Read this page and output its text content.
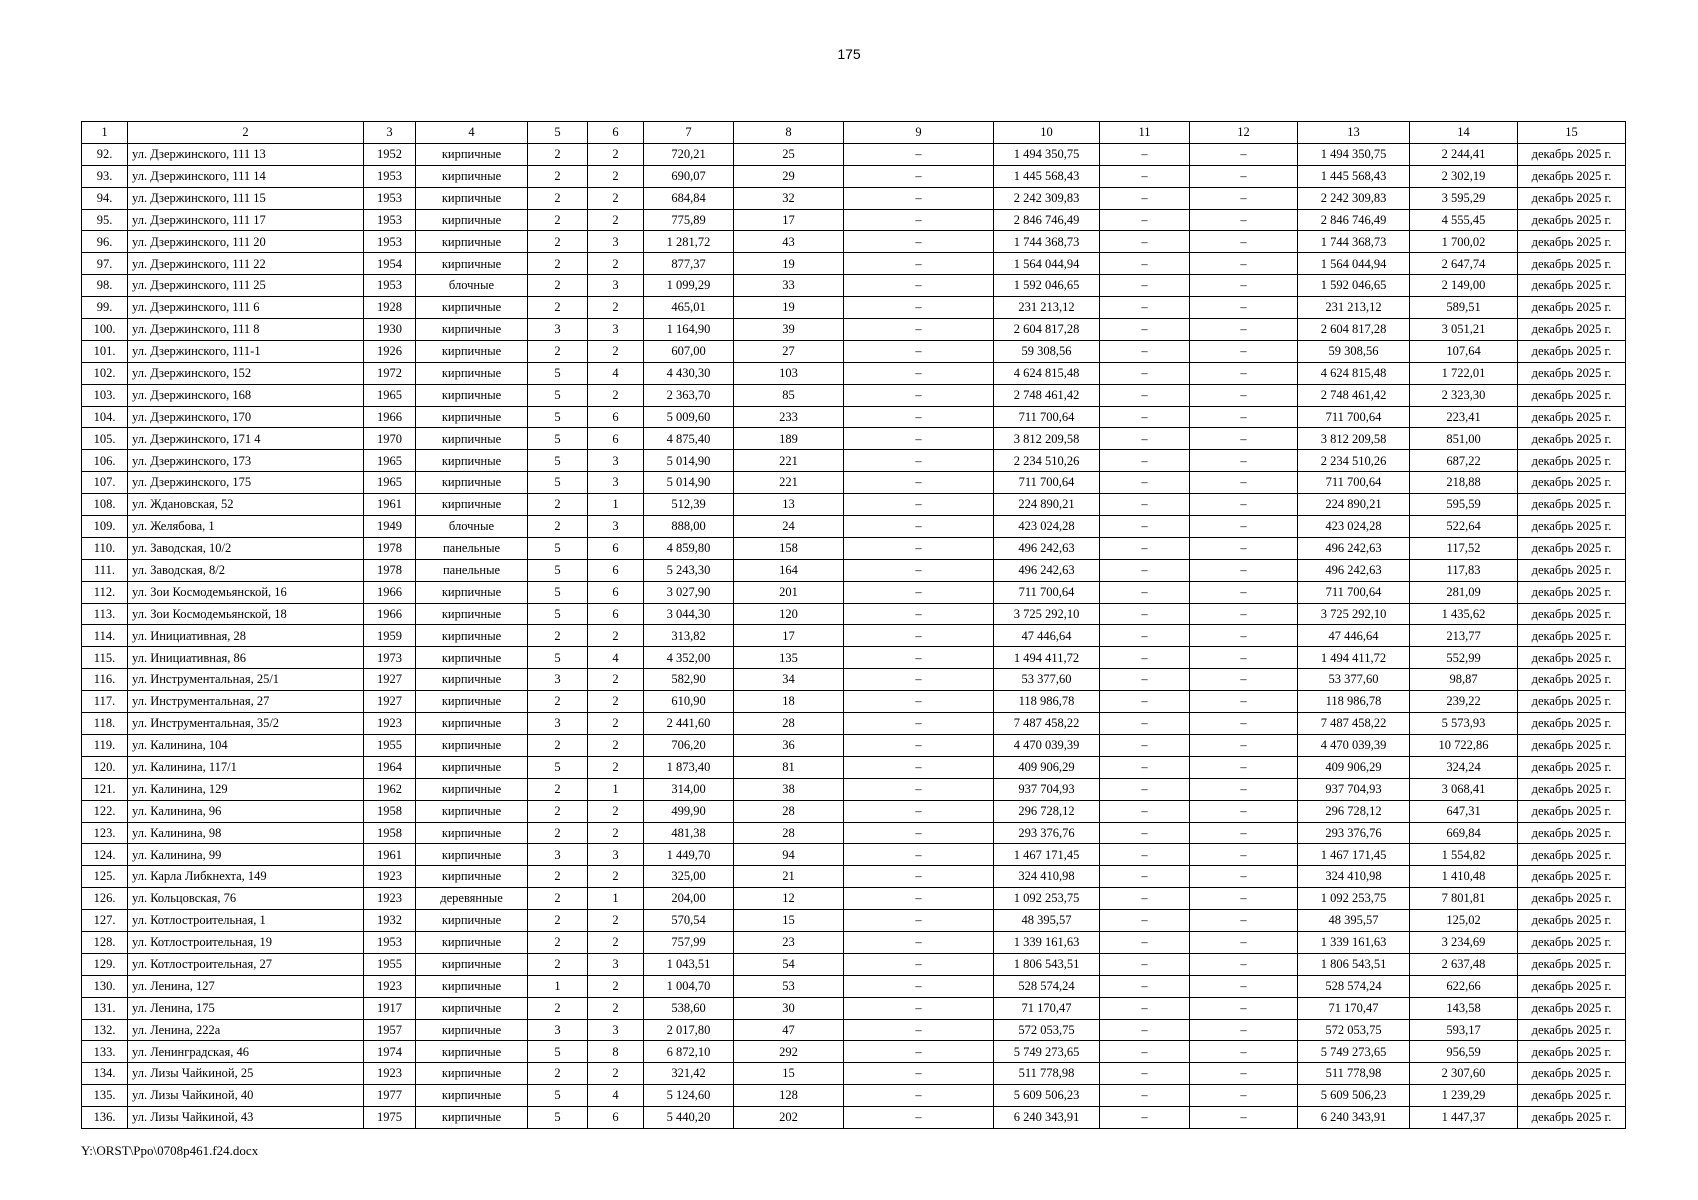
175
1	2	3	4	5	6	7	8	9	10	11	12	13	14	15
92.	ул. Дзержинского, 111 13	1952	кирпичные	2	2	720,21	25	–	1 494 350,75	–	–	1 494 350,75	2 244,41	декабрь 2025 г.
93.	ул. Дзержинского, 111 14	1953	кирпичные	2	2	690,07	29	–	1 445 568,43	–	–	1 445 568,43	2 302,19	декабрь 2025 г.
94.	ул. Дзержинского, 111 15	1953	кирпичные	2	2	684,84	32	–	2 242 309,83	–	–	2 242 309,83	3 595,29	декабрь 2025 г.
95.	ул. Дзержинского, 111 17	1953	кирпичные	2	2	775,89	17	–	2 846 746,49	–	–	2 846 746,49	4 555,45	декабрь 2025 г.
96.	ул. Дзержинского, 111 20	1953	кирпичные	2	3	1 281,72	43	–	1 744 368,73	–	–	1 744 368,73	1 700,02	декабрь 2025 г.
97.	ул. Дзержинского, 111 22	1954	кирпичные	2	2	877,37	19	–	1 564 044,94	–	–	1 564 044,94	2 647,74	декабрь 2025 г.
98.	ул. Дзержинского, 111 25	1953	блочные	2	3	1 099,29	33	–	1 592 046,65	–	–	1 592 046,65	2 149,00	декабрь 2025 г.
99.	ул. Дзержинского, 111 6	1928	кирпичные	2	2	465,01	19	–	231 213,12	–	–	231 213,12	589,51	декабрь 2025 г.
100.	ул. Дзержинского, 111 8	1930	кирпичные	3	3	1 164,90	39	–	2 604 817,28	–	–	2 604 817,28	3 051,21	декабрь 2025 г.
101.	ул. Дзержинского, 111-1	1926	кирпичные	2	2	607,00	27	–	59 308,56	–	–	59 308,56	107,64	декабрь 2025 г.
102.	ул. Дзержинского, 152	1972	кирпичные	5	4	4 430,30	103	–	4 624 815,48	–	–	4 624 815,48	1 722,01	декабрь 2025 г.
103.	ул. Дзержинского, 168	1965	кирпичные	5	2	2 363,70	85	–	2 748 461,42	–	–	2 748 461,42	2 323,30	декабрь 2025 г.
104.	ул. Дзержинского, 170	1966	кирпичные	5	6	5 009,60	233	–	711 700,64	–	–	711 700,64	223,41	декабрь 2025 г.
105.	ул. Дзержинского, 171 4	1970	кирпичные	5	6	4 875,40	189	–	3 812 209,58	–	–	3 812 209,58	851,00	декабрь 2025 г.
106.	ул. Дзержинского, 173	1965	кирпичные	5	3	5 014,90	221	–	2 234 510,26	–	–	2 234 510,26	687,22	декабрь 2025 г.
107.	ул. Дзержинского, 175	1965	кирпичные	5	3	5 014,90	221	–	711 700,64	–	–	711 700,64	218,88	декабрь 2025 г.
108.	ул. Ждановская, 52	1961	кирпичные	2	1	512,39	13	–	224 890,21	–	–	224 890,21	595,59	декабрь 2025 г.
109.	ул. Желябова, 1	1949	блочные	2	3	888,00	24	–	423 024,28	–	–	423 024,28	522,64	декабрь 2025 г.
110.	ул. Заводская, 10/2	1978	панельные	5	6	4 859,80	158	–	496 242,63	–	–	496 242,63	117,52	декабрь 2025 г.
111.	ул. Заводская, 8/2	1978	панельные	5	6	5 243,30	164	–	496 242,63	–	–	496 242,63	117,83	декабрь 2025 г.
112.	ул. Зои Космодемьянской, 16	1966	кирпичные	5	6	3 027,90	201	–	711 700,64	–	–	711 700,64	281,09	декабрь 2025 г.
113.	ул. Зои Космодемьянской, 18	1966	кирпичные	5	6	3 044,30	120	–	3 725 292,10	–	–	3 725 292,10	1 435,62	декабрь 2025 г.
114.	ул. Инициативная, 28	1959	кирпичные	2	2	313,82	17	–	47 446,64	–	–	47 446,64	213,77	декабрь 2025 г.
115.	ул. Инициативная, 86	1973	кирпичные	5	4	4 352,00	135	–	1 494 411,72	–	–	1 494 411,72	552,99	декабрь 2025 г.
116.	ул. Инструментальная, 25/1	1927	кирпичные	3	2	582,90	34	–	53 377,60	–	–	53 377,60	98,87	декабрь 2025 г.
117.	ул. Инструментальная, 27	1927	кирпичные	2	2	610,90	18	–	118 986,78	–	–	118 986,78	239,22	декабрь 2025 г.
118.	ул. Инструментальная, 35/2	1923	кирпичные	3	2	2 441,60	28	–	7 487 458,22	–	–	7 487 458,22	5 573,93	декабрь 2025 г.
119.	ул. Калинина, 104	1955	кирпичные	2	2	706,20	36	–	4 470 039,39	–	–	4 470 039,39	10 722,86	декабрь 2025 г.
120.	ул. Калинина, 117/1	1964	кирпичные	5	2	1 873,40	81	–	409 906,29	–	–	409 906,29	324,24	декабрь 2025 г.
121.	ул. Калинина, 129	1962	кирпичные	2	1	314,00	38	–	937 704,93	–	–	937 704,93	3 068,41	декабрь 2025 г.
122.	ул. Калинина, 96	1958	кирпичные	2	2	499,90	28	–	296 728,12	–	–	296 728,12	647,31	декабрь 2025 г.
123.	ул. Калинина, 98	1958	кирпичные	2	2	481,38	28	–	293 376,76	–	–	293 376,76	669,84	декабрь 2025 г.
124.	ул. Калинина, 99	1961	кирпичные	3	3	1 449,70	94	–	1 467 171,45	–	–	1 467 171,45	1 554,82	декабрь 2025 г.
125.	ул. Карла Либкнехта, 149	1923	кирпичные	2	2	325,00	21	–	324 410,98	–	–	324 410,98	1 410,48	декабрь 2025 г.
126.	ул. Кольцовская, 76	1923	деревянные	2	1	204,00	12	–	1 092 253,75	–	–	1 092 253,75	7 801,81	декабрь 2025 г.
127.	ул. Котлостроительная, 1	1932	кирпичные	2	2	570,54	15	–	48 395,57	–	–	48 395,57	125,02	декабрь 2025 г.
128.	ул. Котлостроительная, 19	1953	кирпичные	2	2	757,99	23	–	1 339 161,63	–	–	1 339 161,63	3 234,69	декабрь 2025 г.
129.	ул. Котлостроительная, 27	1955	кирпичные	2	3	1 043,51	54	–	1 806 543,51	–	–	1 806 543,51	2 637,48	декабрь 2025 г.
130.	ул. Ленина, 127	1923	кирпичные	1	2	1 004,70	53	–	528 574,24	–	–	528 574,24	622,66	декабрь 2025 г.
131.	ул. Ленина, 175	1917	кирпичные	2	2	538,60	30	–	71 170,47	–	–	71 170,47	143,58	декабрь 2025 г.
132.	ул. Ленина, 222а	1957	кирпичные	3	3	2 017,80	47	–	572 053,75	–	–	572 053,75	593,17	декабрь 2025 г.
133.	ул. Ленинградская, 46	1974	кирпичные	5	8	6 872,10	292	–	5 749 273,65	–	–	5 749 273,65	956,59	декабрь 2025 г.
134.	ул. Лизы Чайкиной, 25	1923	кирпичные	2	2	321,42	15	–	511 778,98	–	–	511 778,98	2 307,60	декабрь 2025 г.
135.	ул. Лизы Чайкиной, 40	1977	кирпичные	5	4	5 124,60	128	–	5 609 506,23	–	–	5 609 506,23	1 239,29	декабрь 2025 г.
136.	ул. Лизы Чайкиной, 43	1975	кирпичные	5	6	5 440,20	202	–	6 240 343,91	–	–	6 240 343,91	1 447,37	декабрь 2025 г.
Y:\ORST\Ppo\0708p461.f24.docx
